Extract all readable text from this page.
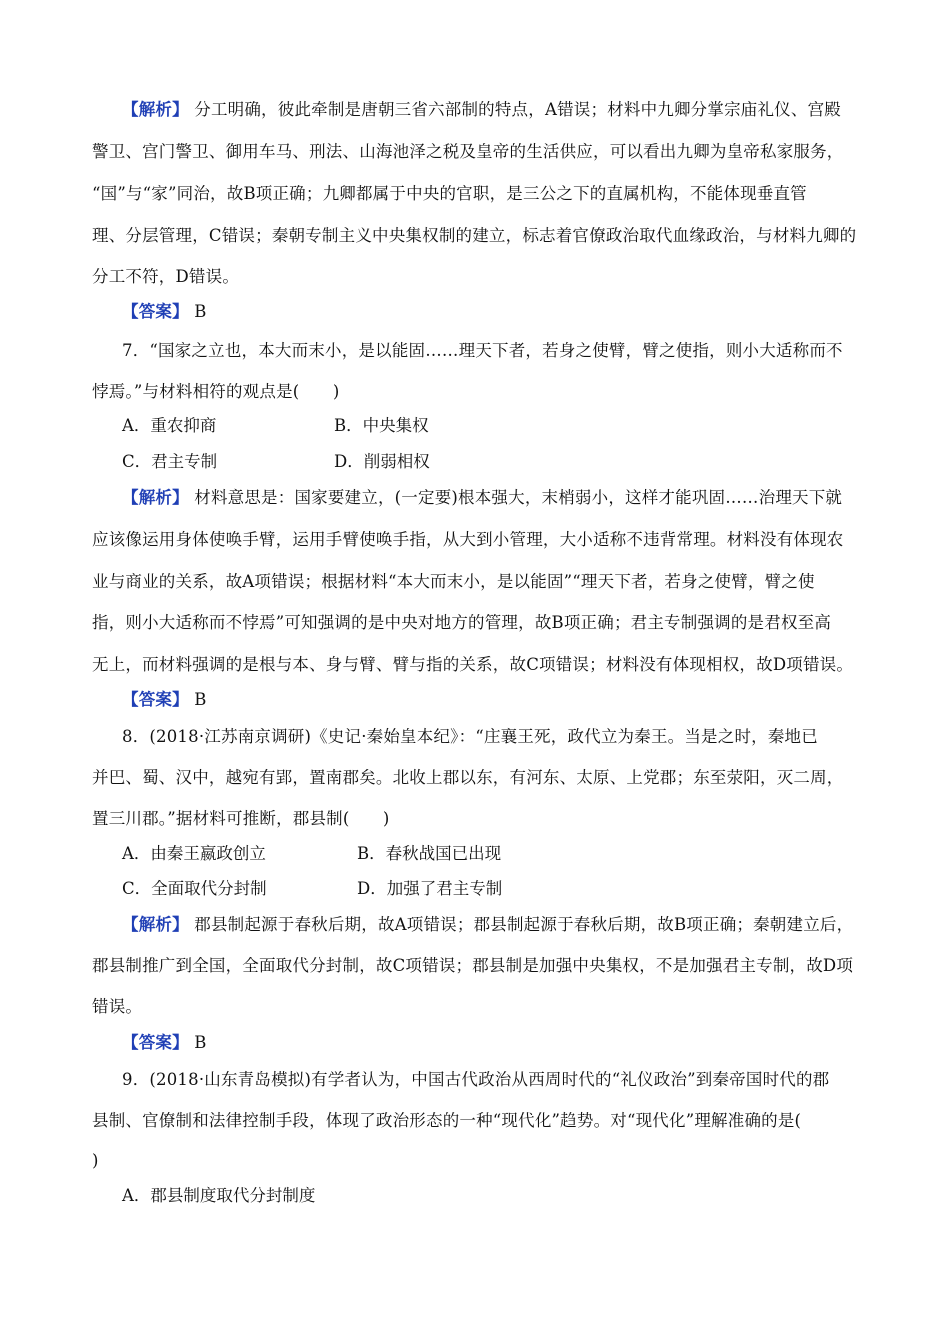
【解析】 分工明确，彼此牵制是唐朝三省六部制的特点，A错误；材料中九卿分掌宗庙礼仪、宫殿
警卫、宫门警卫、御用车马、刑法、山海池泽之税及皇帝的生活供应，可以看出九卿为皇帝私家服务，
“国”与“家”同治，故B项正确；九卿都属于中央的官职，是三公之下的直属机构，不能体现垂直管
理、分层管理，C错误；秦朝专制主义中央集权制的建立，标志着官僚政治取代血缘政治，与材料九卿的
分工不符，D错误。
【答案】 B
7．“国家之立也，本大而末小，是以能固……理天下者，若身之使臂，臂之使指，则小大适称而不
悖焉。”与材料相符的观点是(　　)
A．重农抑商	B．中央集权
C．君主专制	D．削弱相权
【解析】 材料意思是：国家要建立，(一定要)根本强大，末梢弱小，这样才能巩固……治理天下就
应该像运用身体使唤手臂，运用手臂使唤手指，从大到小管理，大小适称不违背常理。材料没有体现农
业与商业的关系，故A项错误；根据材料“本大而末小，是以能固”“理天下者，若身之使臂，臂之使
指，则小大适称而不悖焉”可知强调的是中央对地方的管理，故B项正确；君主专制强调的是君权至高
无上，而材料强调的是根与本、身与臂、臂与指的关系，故C项错误；材料没有体现相权，故D项错误。
【答案】 B
8．(2018·江苏南京调研)《史记·秦始皇本纪》：“庄襄王死，政代立为秦王。当是之时，秦地已
并巴、蜀、汉中，越宛有郢，置南郡矣。北收上郡以东，有河东、太原、上党郡；东至荥阳，灭二周，
置三川郡。”据材料可推断，郡县制(　　)
A．由秦王嬴政创立	B．春秋战国已出现
C．全面取代分封制	D．加强了君主专制
【解析】 郡县制起源于春秋后期，故A项错误；郡县制起源于春秋后期，故B项正确；秦朝建立后，
郡县制推广到全国，全面取代分封制，故C项错误；郡县制是加强中央集权，不是加强君主专制，故D项
错误。
【答案】 B
9．(2018·山东青岛模拟)有学者认为，中国古代政治从西周时代的“礼仪政治”到秦帝国时代的郡
县制、官僚制和法律控制手段，体现了政治形态的一种“现代化”趋势。对“现代化”理解准确的是(
)
A．郡县制度取代分封制度
